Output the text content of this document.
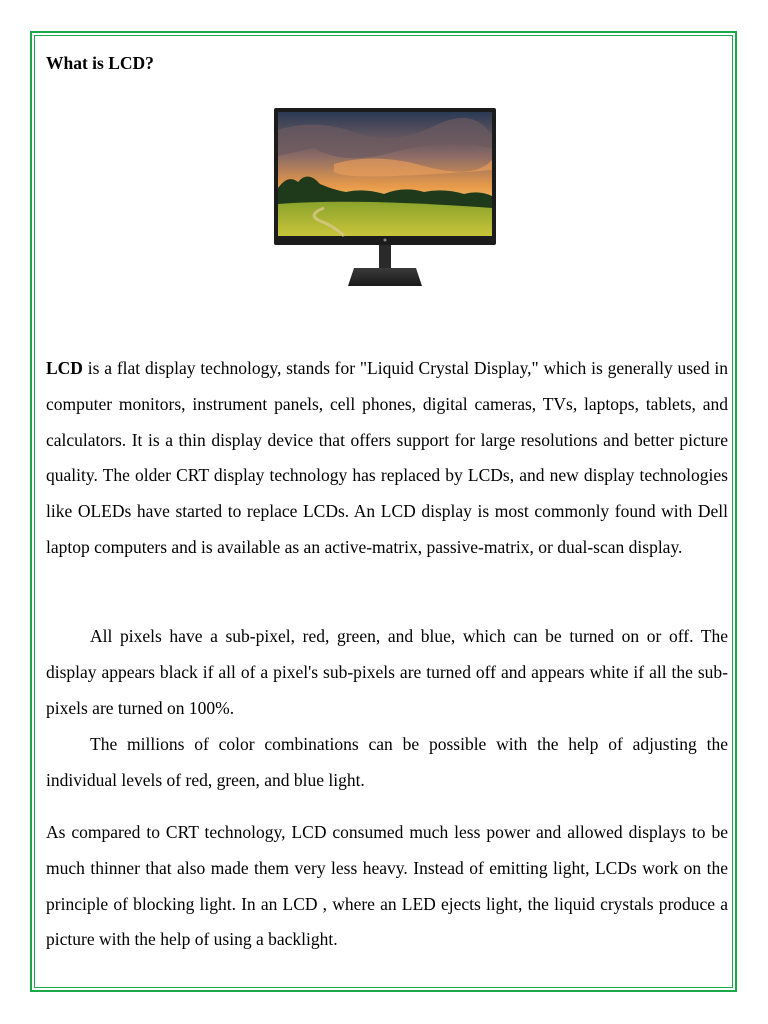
What is LCD?

LCD is a flat display technology, stands for "Liquid Crystal Display," which is generally used in computer monitors, instrument panels, cell phones, digital cameras, TVs, laptops, tablets, and calculators. It is a thin display device that offers support for large resolutions and better picture quality. The older CRT display technology has replaced by LCDs, and new display technologies like OLEDs have started to replace LCDs. An LCD display is most commonly found with Dell laptop computers and is available as an active-matrix, passive-matrix, or dual-scan display.

All pixels have a sub-pixel, red, green, and blue, which can be turned on or off. The display appears black if all of a pixel's sub-pixels are turned off and appears white if all the sub-pixels are turned on 100%.

The millions of color combinations can be possible with the help of adjusting the individual levels of red, green, and blue light.

As compared to CRT technology, LCD consumed much less power and allowed displays to be much thinner that also made them very less heavy. Instead of emitting light, LCDs work on the principle of blocking light. In an LCD , where an LED ejects light, the liquid crystals produce a picture with the help of using a backlight.
